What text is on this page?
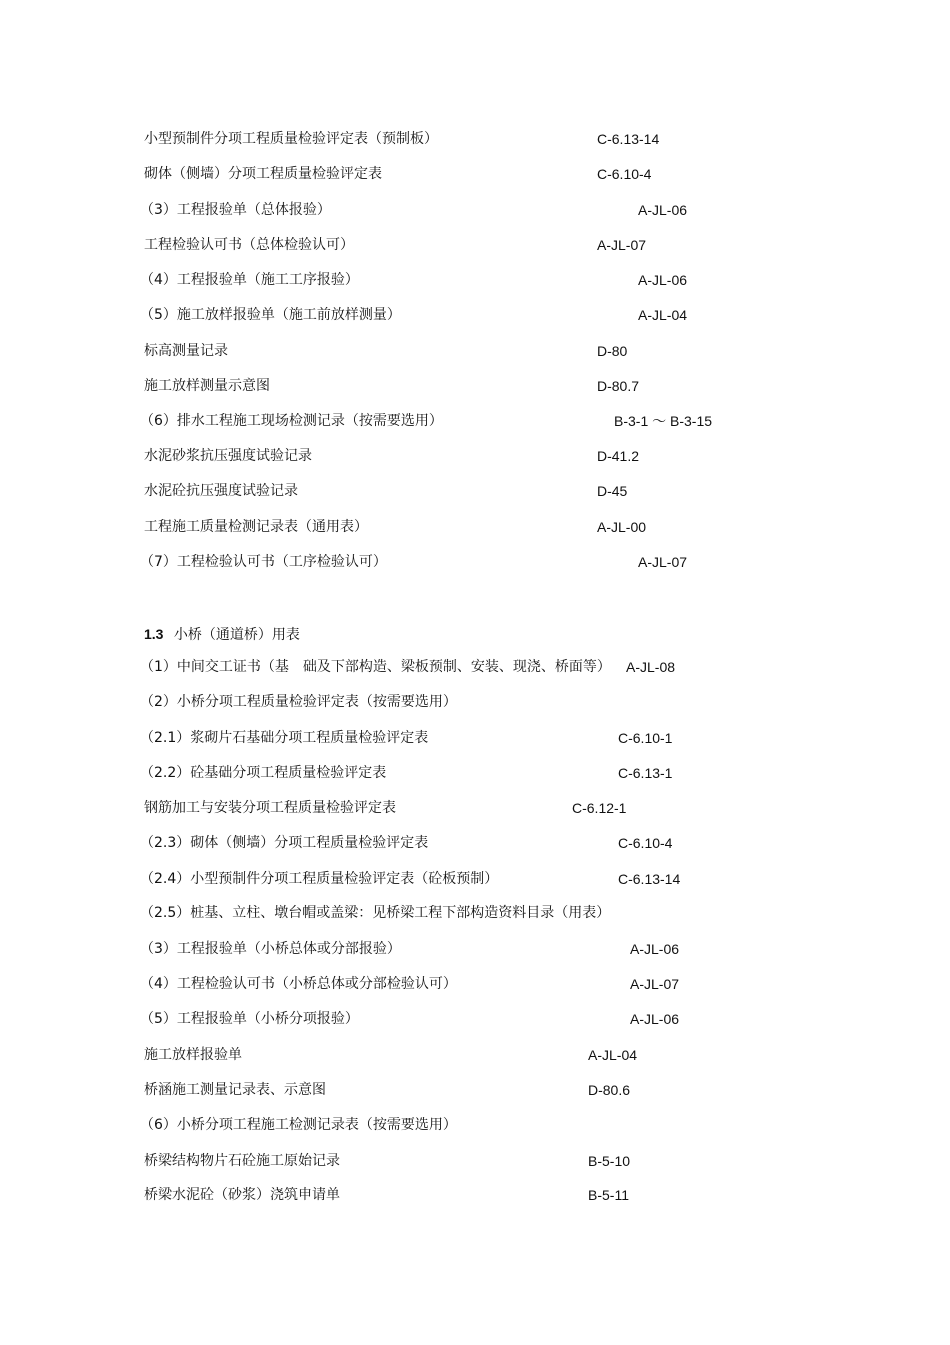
小型预制件分项工程质量检验评定表（预制板）	C-6.13-14
砌体（侧墙）分项工程质量检验评定表	C-6.10-4
（3）工程报验单（总体报验）	A-JL-06
工程检验认可书（总体检验认可）	A-JL-07
（4）工程报验单（施工工序报验）	A-JL-06
（5）施工放样报验单（施工前放样测量）	A-JL-04
标高测量记录	D-80
施工放样测量示意图	D-80.7
（6）排水工程施工现场检测记录（按需要选用）	B-3-1 ～ B-3-15
水泥砂浆抗压强度试验记录	D-41.2
水泥砼抗压强度试验记录	D-45
工程施工质量检测记录表（通用表）	A-JL-00
（7）工程检验认可书（工序检验认可）	A-JL-07
1.3 小桥（通道桥）用表
（1）中间交工证书（基　础及下部构造、梁板预制、安装、现浇、桥面等） A-JL-08
（2）小桥分项工程质量检验评定表（按需要选用）
（2.1）浆砌片石基础分项工程质量检验评定表	C-6.10-1
（2.2）砼基础分项工程质量检验评定表	C-6.13-1
钢筋加工与安装分项工程质量检验评定表	C-6.12-1
（2.3）砌体（侧墙）分项工程质量检验评定表	C-6.10-4
（2.4）小型预制件分项工程质量检验评定表（砼板预制）	C-6.13-14
（2.5）桩基、立柱、墩台帽或盖梁：见桥梁工程下部构造资料目录（用表）
（3）工程报验单（小桥总体或分部报验）	A-JL-06
（4）工程检验认可书（小桥总体或分部检验认可）	A-JL-07
（5）工程报验单（小桥分项报验）	A-JL-06
施工放样报验单	A-JL-04
桥涵施工测量记录表、示意图	D-80.6
（6）小桥分项工程施工检测记录表（按需要选用）
桥梁结构物片石砼施工原始记录	B-5-10
桥梁水泥砼（砂浆）浇筑申请单	B-5-11
